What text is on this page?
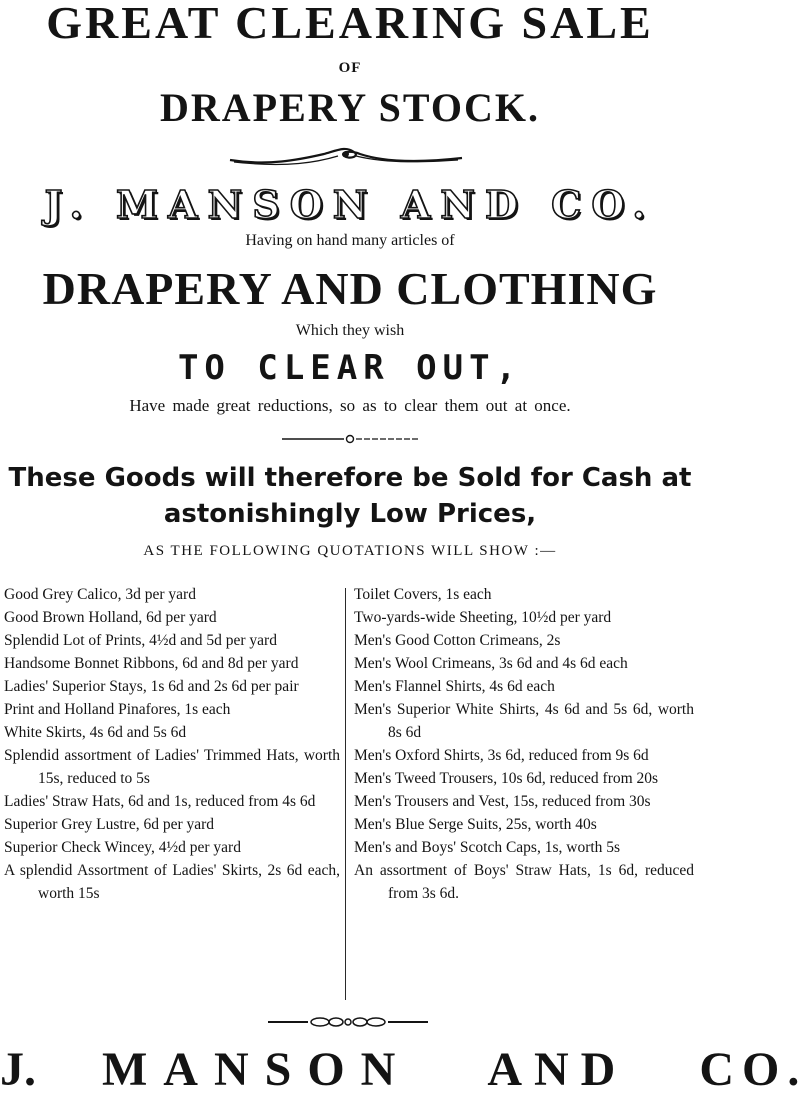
GREAT CLEARING SALE
OF
DRAPERY STOCK.
J. MANSON AND CO.
Having on hand many articles of
DRAPERY AND CLOTHING
Which they wish
TO CLEAR OUT,
Have made great reductions, so as to clear them out at once.
These Goods will therefore be Sold for Cash at
astonishingly Low Prices,
AS THE FOLLOWING QUOTATIONS WILL SHOW :—
Good Grey Calico, 3d per yard
Good Brown Holland, 6d per yard
Splendid Lot of Prints, 4½d and 5d per yard
Handsome Bonnet Ribbons, 6d and 8d per yard
Ladies' Superior Stays, 1s 6d and 2s 6d per pair
Print and Holland Pinafores, 1s each
White Skirts, 4s 6d and 5s 6d
Splendid assortment of Ladies' Trimmed Hats, worth 15s, reduced to 5s
Ladies' Straw Hats, 6d and 1s, reduced from 4s 6d
Superior Grey Lustre, 6d per yard
Superior Check Wincey, 4½d per yard
A splendid Assortment of Ladies' Skirts, 2s 6d each, worth 15s
Toilet Covers, 1s each
Two-yards-wide Sheeting, 10½d per yard
Men's Good Cotton Crimeans, 2s
Men's Wool Crimeans, 3s 6d and 4s 6d each
Men's Flannel Shirts, 4s 6d each
Men's Superior White Shirts, 4s 6d and 5s 6d, worth 8s 6d
Men's Oxford Shirts, 3s 6d, reduced from 9s 6d
Men's Tweed Trousers, 10s 6d, reduced from 20s
Men's Trousers and Vest, 15s, reduced from 30s
Men's Blue Serge Suits, 25s, worth 40s
Men's and Boys' Scotch Caps, 1s, worth 5s
An assortment of Boys' Straw Hats, 1s 6d, reduced from 3s 6d.
J. MANSON AND CO.
